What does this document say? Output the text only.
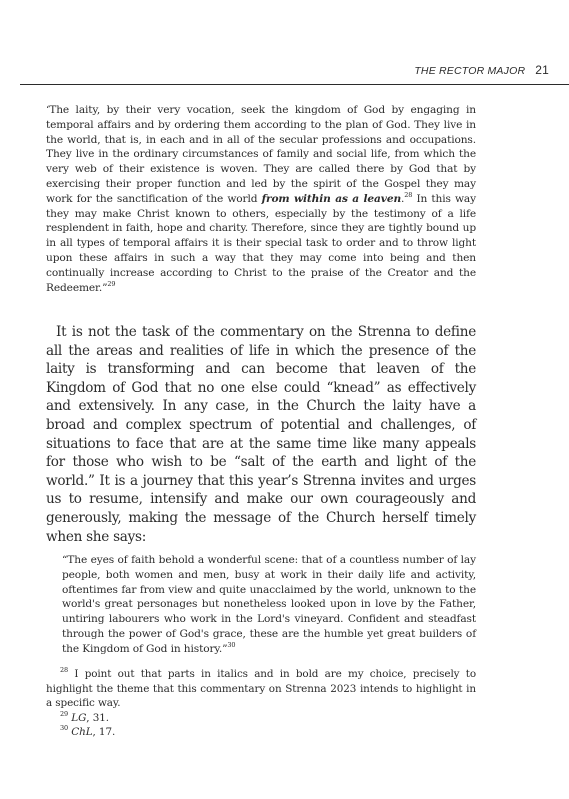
THE RECTOR MAJOR 21

‘The laity, by their very vocation, seek the kingdom of God by engaging in temporal affairs and by ordering them according to the plan of God. They live in the world, that is, in each and in all of the secular professions and occupations. They live in the ordinary circumstances of family and social life, from which the very web of their existence is woven. They are called there by God that by exercising their proper function and led by the spirit of the Gospel they may work for the sanctification of the world from within as a leaven.$^{28}$ In this way they may make Christ known to others, especially by the testimony of a life resplendent in faith, hope and charity. Therefore, since they are tightly bound up in all types of temporal affairs it is their special task to order and to throw light upon these affairs in such a way that they may come into being and then continually increase according to Christ to the praise of the Creator and the Redeemer.”$^{29}$

It is not the task of the commentary on the Strenna to define all the areas and realities of life in which the presence of the laity is transforming and can become that leaven of the Kingdom of God that no one else could “knead” as effectively and extensively. In any case, in the Church the laity have a broad and complex spectrum of potential and challenges, of situations to face that are at the same time like many appeals for those who wish to be “salt of the earth and light of the world.” It is a journey that this year’s Strenna invites and urges us to resume, intensify and make our own courageously and generously, making the message of the Church herself timely when she says:

“The eyes of faith behold a wonderful scene: that of a countless number of lay people, both women and men, busy at work in their daily life and activity, oftentimes far from view and quite unacclaimed by the world, unknown to the world's great personages but nonetheless looked upon in love by the Father, untiring labourers who work in the Lord's vineyard. Confident and steadfast through the power of God's grace, these are the humble yet great builders of the Kingdom of God in history.”$^{30}$

$^{28}$ I point out that parts in italics and in bold are my choice, precisely to highlight the theme that this commentary on Strenna 2023 intends to highlight in a specific way.

$^{29}$ LG, 31.

$^{30}$ ChL, 17.
